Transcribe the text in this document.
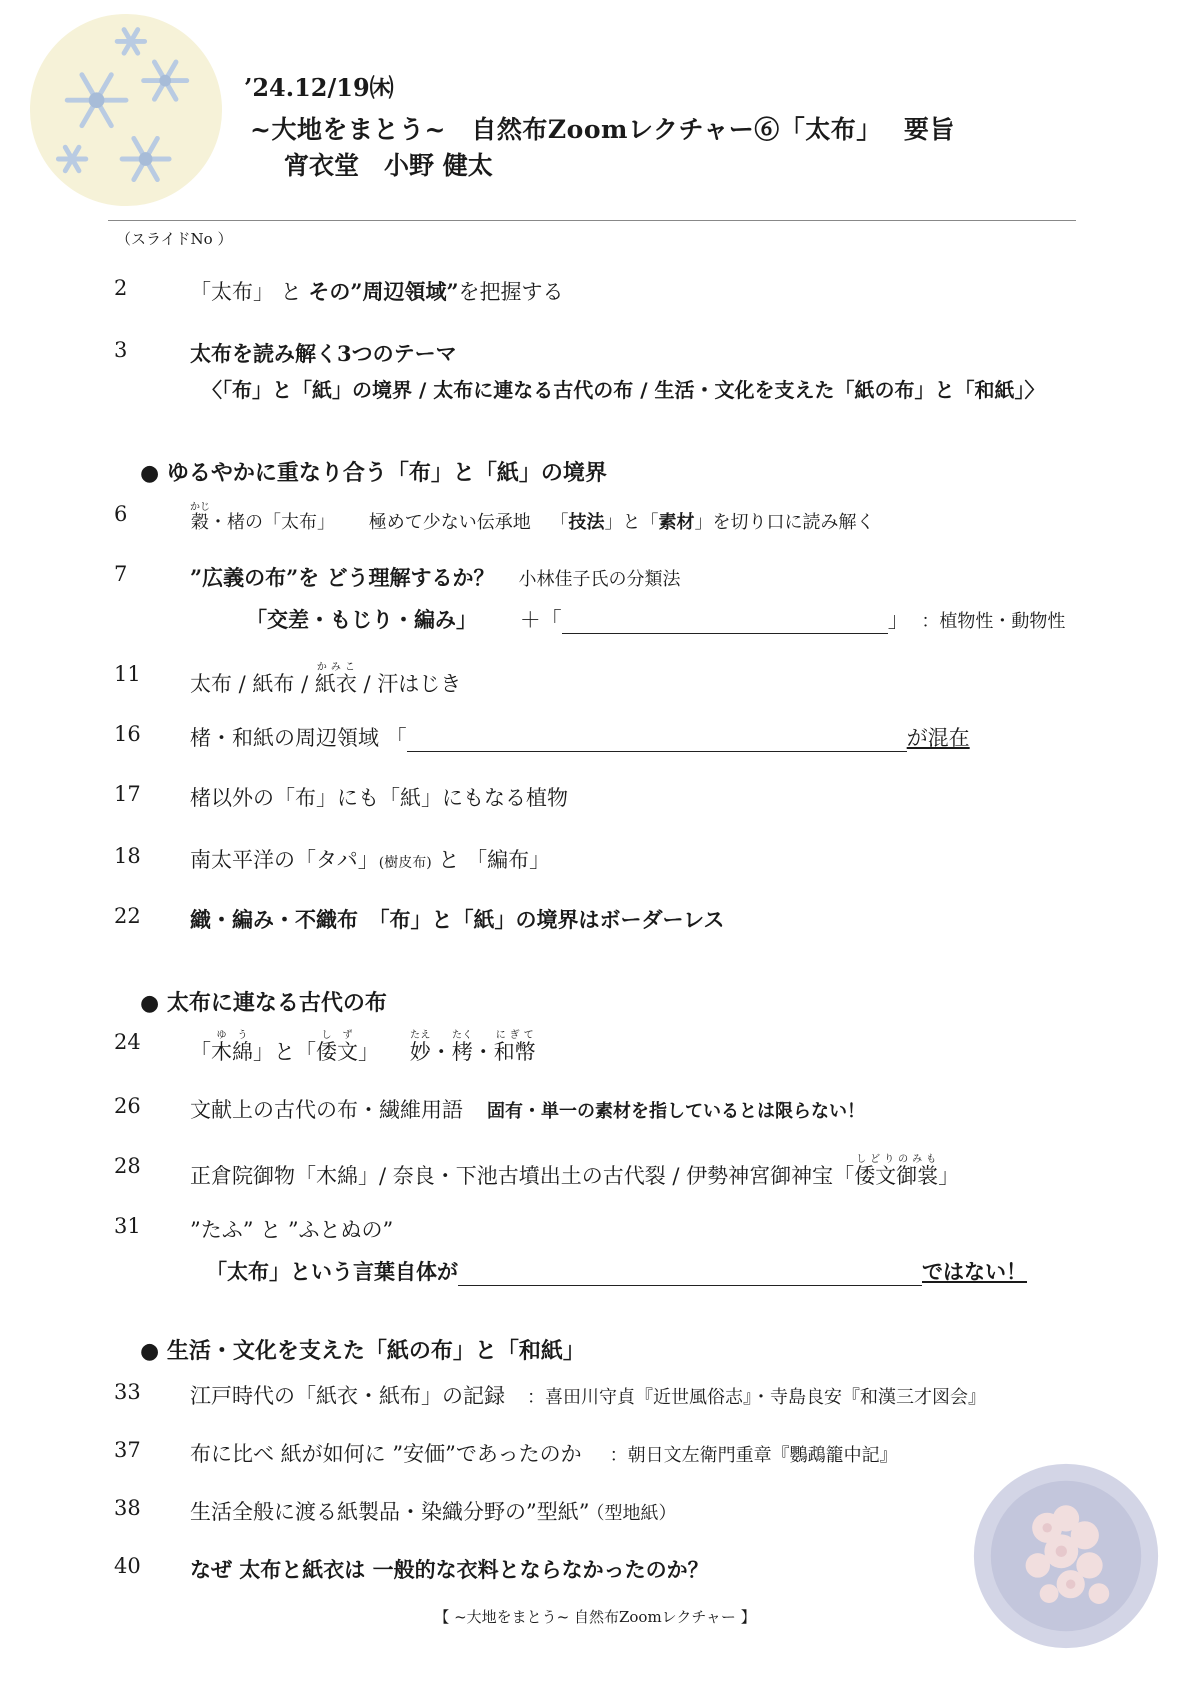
’24.12/19㈭
~大地をまとう~　自然布Zoomレクチャー⑥「太布」　 要旨
宵衣堂　小野 健太
（スライドNo ）
2	「太布」 と その”周辺領域”を把握する
3	太布を読み解く3つのテーマ
〈「布」と「紙」の境界 / 太布に連なる古代の布 / 生活・文化を支えた「紙の布」と「和紙」〉
● ゆるやかに重なり合う「布」と「紙」の境界
6	穀かじ・楮の「太布」 極めて少ない伝承地 「技法」と「素材」を切り口に読み解く
7	”広義の布”を どう理解するか？ 小林佳子氏の分類法
「交差・もじり・編み」 ＋「	」 ：植物性・動物性
11	太布 / 紙布 / 紙衣かみこ / 汗はじき
16	楮・和紙の周辺領域 「	が混在
17	楮以外の「布」にも「紙」にもなる植物
18	南太平洋の「タパ」(樹皮布) と 「編布」
22	織・編み・不織布　「布」と「紙」の境界はボーダーレス
● 太布に連なる古代の布
24	「木綿ゆう」と「倭文しず」 妙たえ・栲たく・和幣にぎて
26	文献上の古代の布・繊維用語 固有・単一の素材を指しているとは限らない！
28	正倉院御物「木綿」/ 奈良・下池古墳出土の古代裂 / 伊勢神宮御神宝「倭文御裳しどりのみも」
31	”たふ” と ”ふとぬの”
「太布」という言葉自体が	ではない！
● 生活・文化を支えた「紙の布」と「和紙」
33	江戸時代の「紙衣・紙布」の記録 ：喜田川守貞『近世風俗志』・寺島良安『和漢三才図会』
37	布に比べ 紙が如何に ”安価”であったのか ：朝日文左衛門重章『鸚鵡籠中記』
38	生活全般に渡る紙製品・染織分野の”型紙” （型地紙）
40	なぜ 太布と紙衣は 一般的な衣料とならなかったのか？
【 ~大地をまとう~ 自然布Zoomレクチャー 】
